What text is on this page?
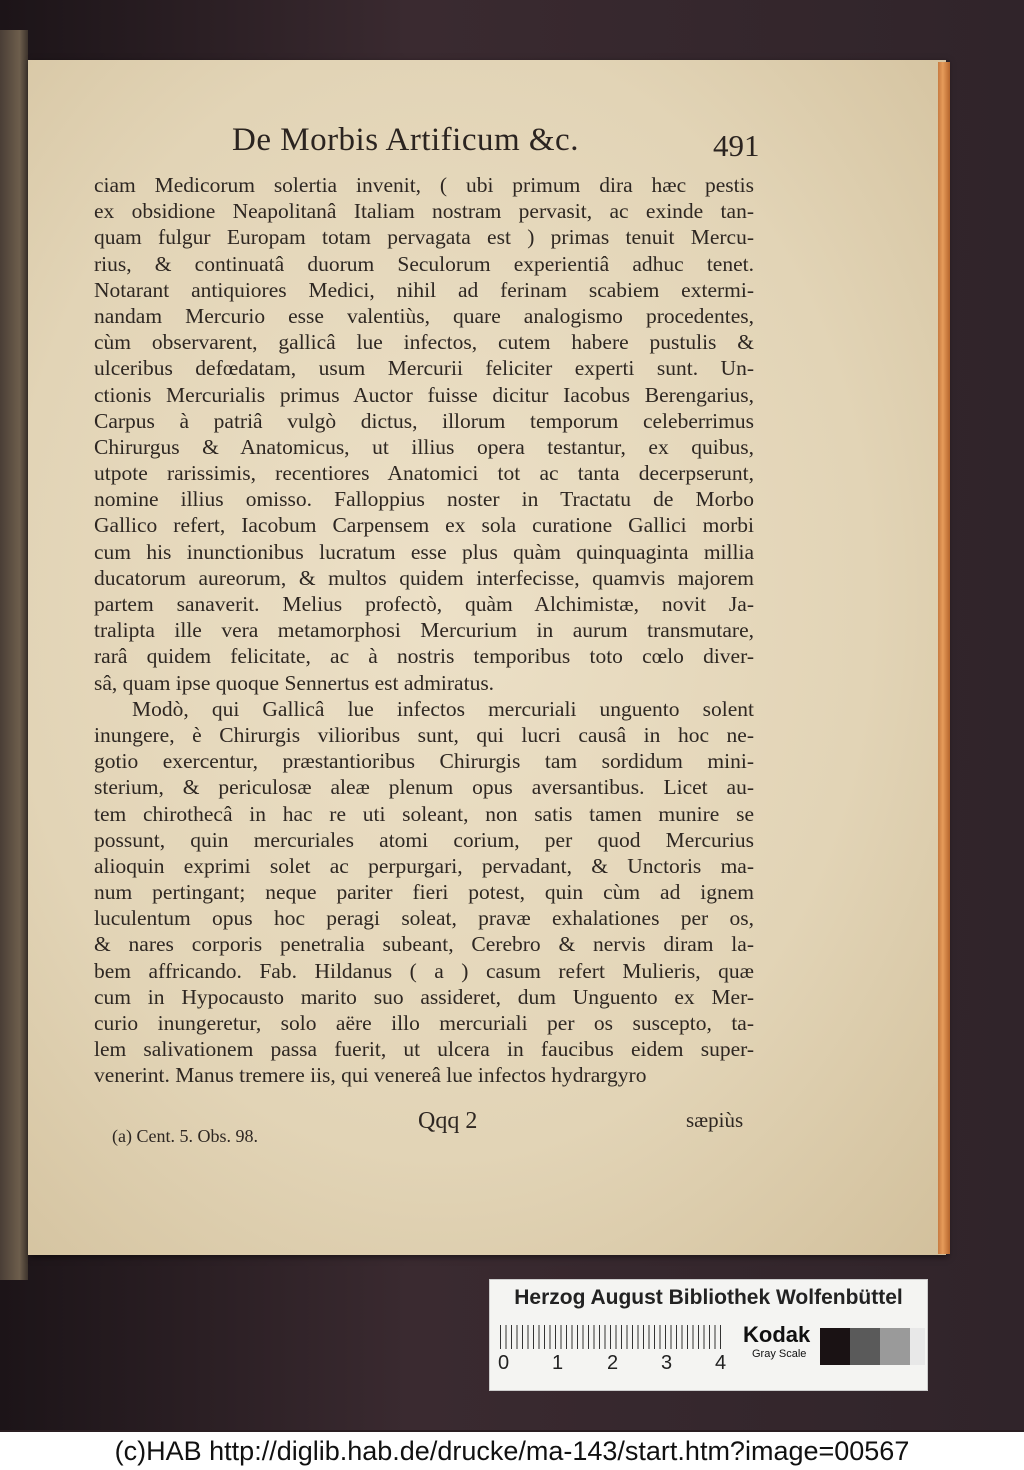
De Morbis Artificum &c.	491
ciam Medicorum solertia invenit, ( ubi primum dira hæc pestis
ex obsidione Neapolitanâ Italiam nostram pervasit, ac exinde tan-
quam fulgur Europam totam pervagata est ) primas tenuit Mercu-
rius, & continuatâ duorum Seculorum experientiâ adhuc tenet.
Notarant antiquiores Medici, nihil ad ferinam scabiem extermi-
nandam Mercurio esse valentiùs, quare analogismo procedentes,
cùm observarent, gallicâ lue infectos, cutem habere pustulis &
ulceribus defœdatam, usum Mercurii feliciter experti sunt. Un-
ctionis Mercurialis primus Auctor fuisse dicitur Iacobus Berengarius,
Carpus à patriâ vulgò dictus, illorum temporum celeberrimus
Chirurgus & Anatomicus, ut illius opera testantur, ex quibus,
utpote rarissimis, recentiores Anatomici tot ac tanta decerpserunt,
nomine illius omisso. Falloppius noster in Tractatu de Morbo
Gallico refert, Iacobum Carpensem ex sola curatione Gallici morbi
cum his inunctionibus lucratum esse plus quàm quinquaginta millia
ducatorum aureorum, & multos quidem interfecisse, quamvis majorem
partem sanaverit. Melius profectò, quàm Alchimistæ, novit Ja-
tralipta ille vera metamorphosi Mercurium in aurum transmutare,
rarâ quidem felicitate, ac à nostris temporibus toto cœlo diver-
sâ, quam ipse quoque Sennertus est admiratus.
Modò, qui Gallicâ lue infectos mercuriali unguento solent
inungere, è Chirurgis vilioribus sunt, qui lucri causâ in hoc ne-
gotio exercentur, præstantioribus Chirurgis tam sordidum mini-
sterium, & periculosæ aleæ plenum opus aversantibus. Licet au-
tem chirothecâ in hac re uti soleant, non satis tamen munire se
possunt, quin mercuriales atomi corium, per quod Mercurius
alioquin exprimi solet ac perpurgari, pervadant, & Unctoris ma-
num pertingant; neque pariter fieri potest, quin cùm ad ignem
luculentum opus hoc peragi soleat, pravæ exhalationes per os,
& nares corporis penetralia subeant, Cerebro & nervis diram la-
bem affricando. Fab. Hildanus ( a ) casum refert Mulieris, quæ
cum in Hypocausto marito suo assideret, dum Unguento ex Mer-
curio inungeretur, solo aëre illo mercuriali per os suscepto, ta-
lem salivationem passa fuerit, ut ulcera in faucibus eidem super-
venerint. Manus tremere iis, qui venereâ lue infectos hydrargyro
Qqq 2	sæpiùs
(a) Cent. 5. Obs. 98.
Herzog August Bibliothek Wolfenbüttel
0 1 2 3 4
Kodak
Gray Scale
(c)HAB http://diglib.hab.de/drucke/ma-143/start.htm?image=00567
